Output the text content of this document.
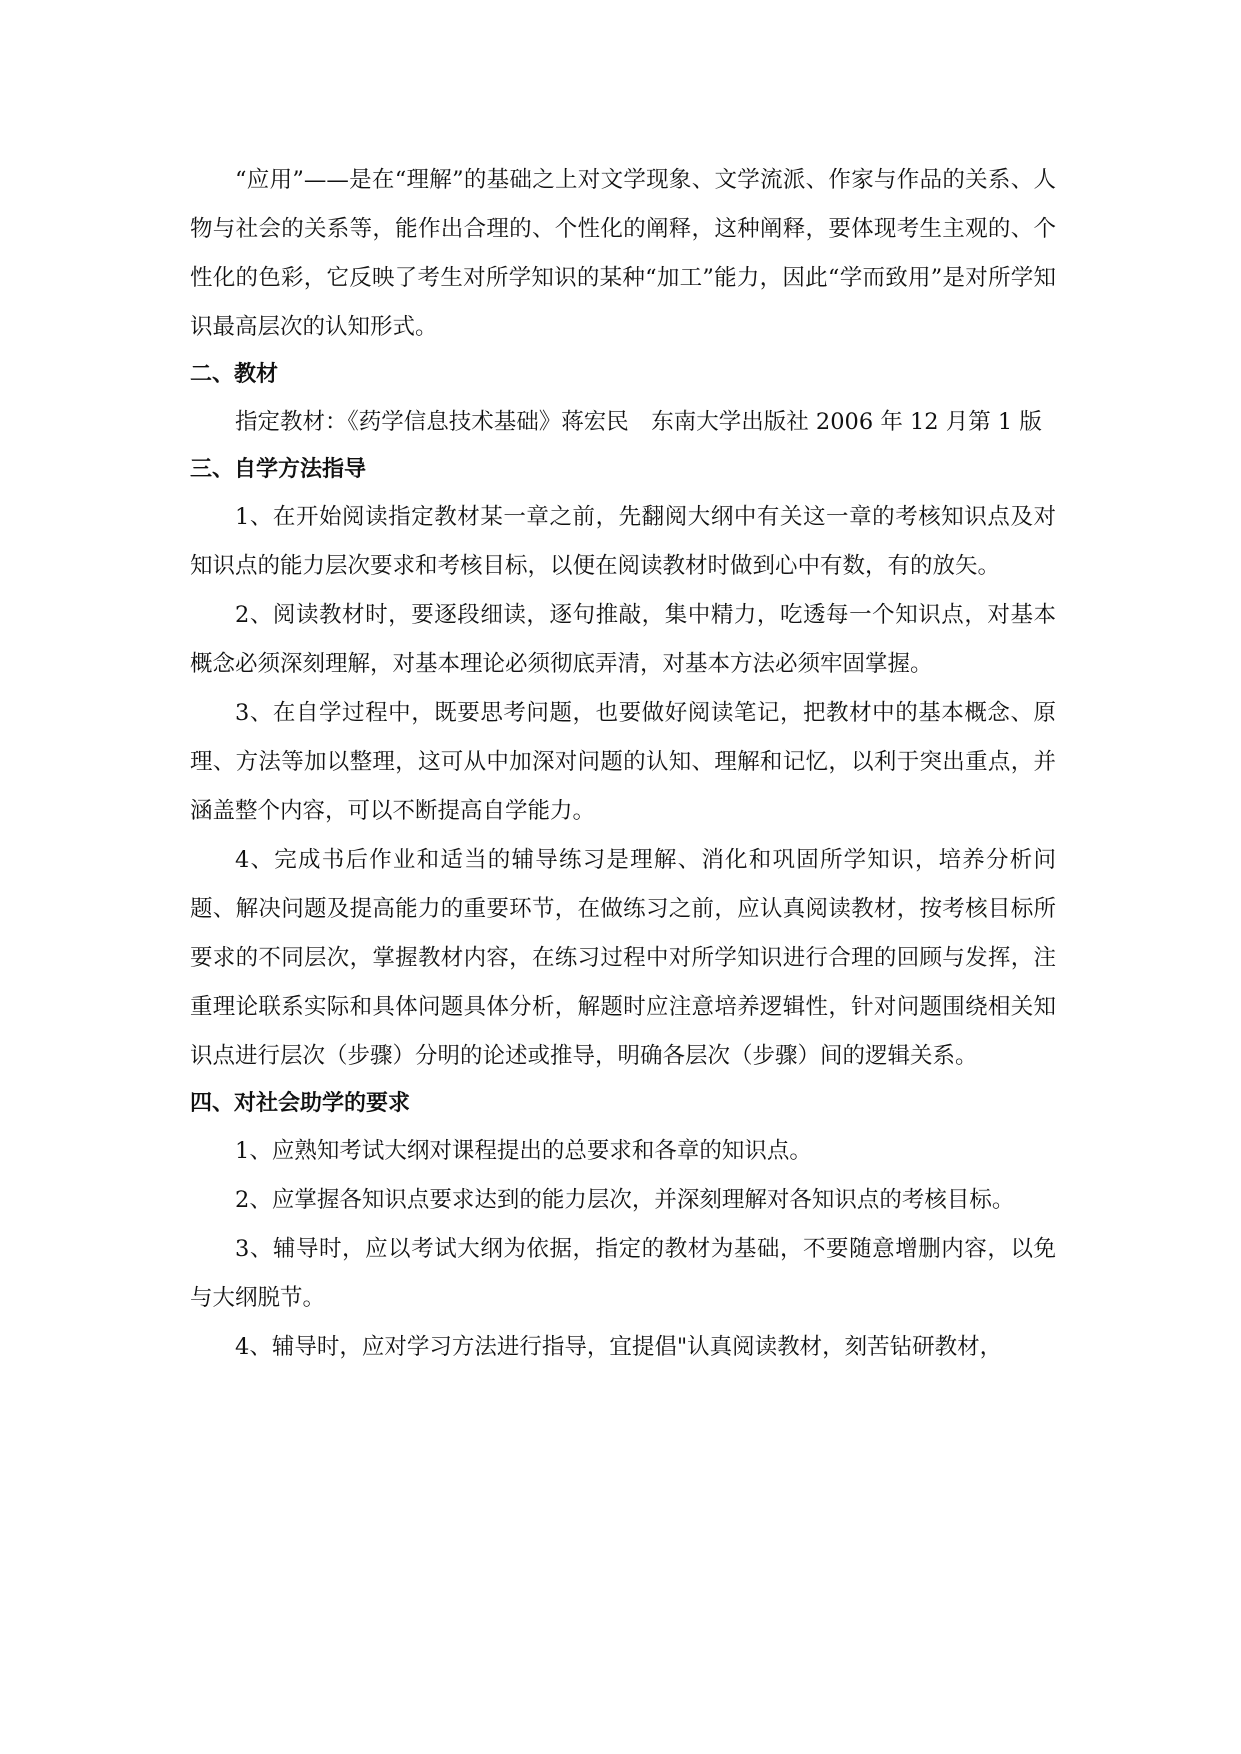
“应用”——是在“理解”的基础之上对文学现象、文学流派、作家与作品的关系、人物与社会的关系等，能作出合理的、个性化的阐释，这种阐释，要体现考生主观的、个性化的色彩，它反映了考生对所学知识的某种“加工”能力，因此“学而致用”是对所学知识最高层次的认知形式。

二、教材

指定教材：《药学信息技术基础》蒋宏民　东南大学出版社 2006 年 12 月第 1 版

三、自学方法指导

1、在开始阅读指定教材某一章之前，先翻阅大纲中有关这一章的考核知识点及对知识点的能力层次要求和考核目标，以便在阅读教材时做到心中有数，有的放矢。

2、阅读教材时，要逐段细读，逐句推敲，集中精力，吃透每一个知识点，对基本概念必须深刻理解，对基本理论必须彻底弄清，对基本方法必须牢固掌握。

3、在自学过程中，既要思考问题，也要做好阅读笔记，把教材中的基本概念、原理、方法等加以整理，这可从中加深对问题的认知、理解和记忆，以利于突出重点，并涵盖整个内容，可以不断提高自学能力。

4、完成书后作业和适当的辅导练习是理解、消化和巩固所学知识，培养分析问题、解决问题及提高能力的重要环节，在做练习之前，应认真阅读教材，按考核目标所要求的不同层次，掌握教材内容，在练习过程中对所学知识进行合理的回顾与发挥，注重理论联系实际和具体问题具体分析，解题时应注意培养逻辑性，针对问题围绕相关知识点进行层次（步骤）分明的论述或推导，明确各层次（步骤）间的逻辑关系。

四、对社会助学的要求

1、应熟知考试大纲对课程提出的总要求和各章的知识点。

2、应掌握各知识点要求达到的能力层次，并深刻理解对各知识点的考核目标。

3、辅导时，应以考试大纲为依据，指定的教材为基础，不要随意增删内容，以免与大纲脱节。

4、辅导时，应对学习方法进行指导，宜提倡"认真阅读教材，刻苦钻研教材，
